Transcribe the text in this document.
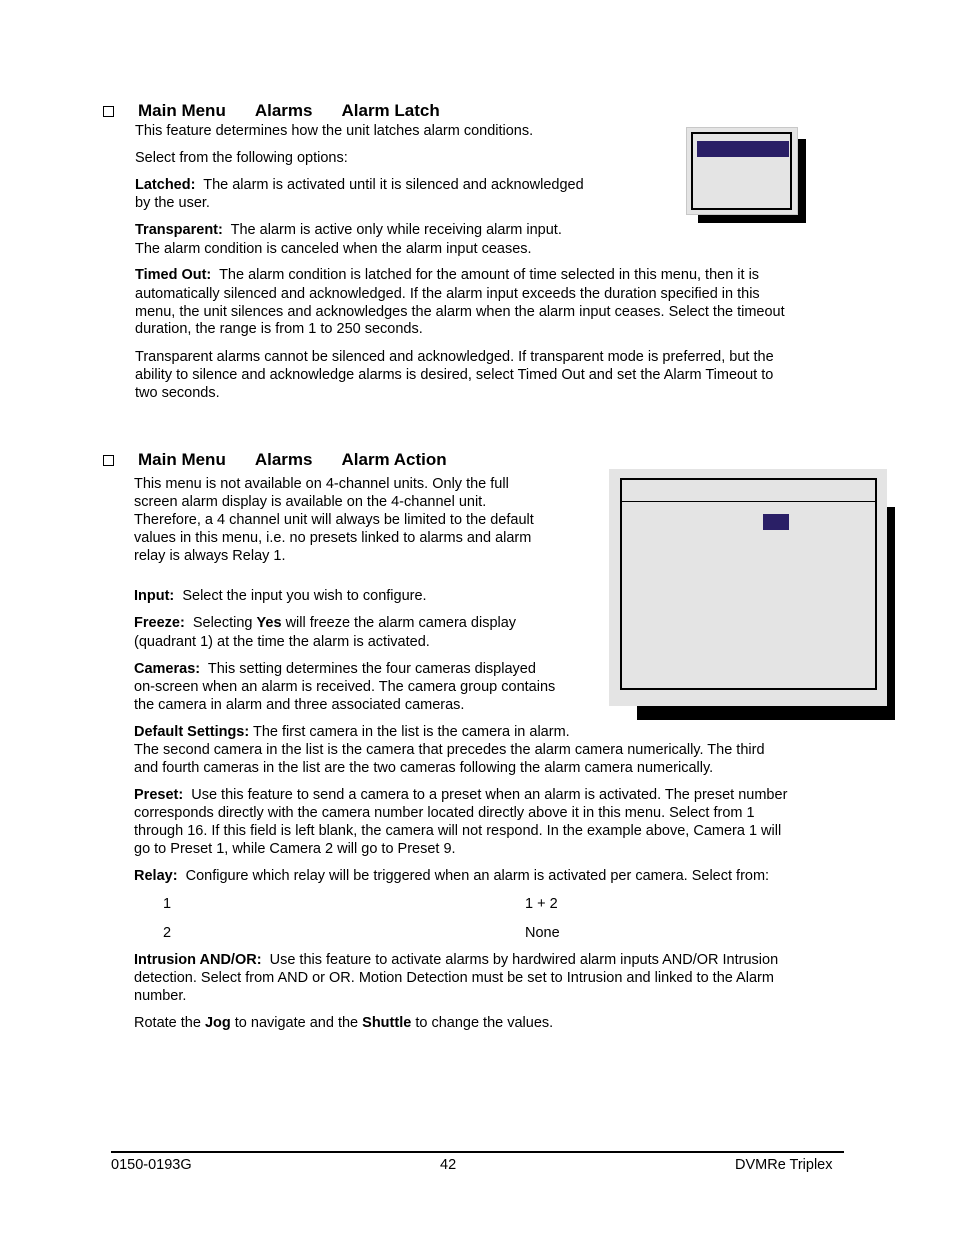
Main Menu Alarms Alarm Latch

This feature determines how the unit latches alarm conditions.

Select from the following options:

Latched: The alarm is activated until it is silenced and acknowledged

by the user.

Transparent: The alarm is active only while receiving alarm input.

The alarm condition is canceled when the alarm input ceases.

Timed Out: The alarm condition is latched for the amount of time selected in this menu, then it is

automatically silenced and acknowledged. If the alarm input exceeds the duration specified in this

menu, the unit silences and acknowledges the alarm when the alarm input ceases. Select the timeout

duration, the range is from 1 to 250 seconds.

Transparent alarms cannot be silenced and acknowledged. If transparent mode is preferred, but the

ability to silence and acknowledge alarms is desired, select Timed Out and set the Alarm Timeout to

two seconds.

Main Menu Alarms Alarm Action

This menu is not available on 4-channel units. Only the full

screen alarm display is available on the 4-channel unit.

Therefore, a 4 channel unit will always be limited to the default

values in this menu, i.e. no presets linked to alarms and alarm

relay is always Relay 1.

Input: Select the input you wish to configure.

Freeze: Selecting Yes will freeze the alarm camera display

(quadrant 1) at the time the alarm is activated.

Cameras: This setting determines the four cameras displayed

on-screen when an alarm is received. The camera group contains

the camera in alarm and three associated cameras.

Default Settings: The first camera in the list is the camera in alarm.

The second camera in the list is the camera that precedes the alarm camera numerically. The third

and fourth cameras in the list are the two cameras following the alarm camera numerically.

Preset: Use this feature to send a camera to a preset when an alarm is activated. The preset number

corresponds directly with the camera number located directly above it in this menu. Select from 1

through 16. If this field is left blank, the camera will not respond. In the example above, Camera 1 will

go to Preset 1, while Camera 2 will go to Preset 9.

Relay: Configure which relay will be triggered when an alarm is activated per camera. Select from:

1	1 + 2

2	None

Intrusion AND/OR: Use this feature to activate alarms by hardwired alarm inputs AND/OR Intrusion

detection. Select from AND or OR. Motion Detection must be set to Intrusion and linked to the Alarm

number.

Rotate the Jog to navigate and the Shuttle to change the values.

0150-0193G	42	DVMRe Triplex
